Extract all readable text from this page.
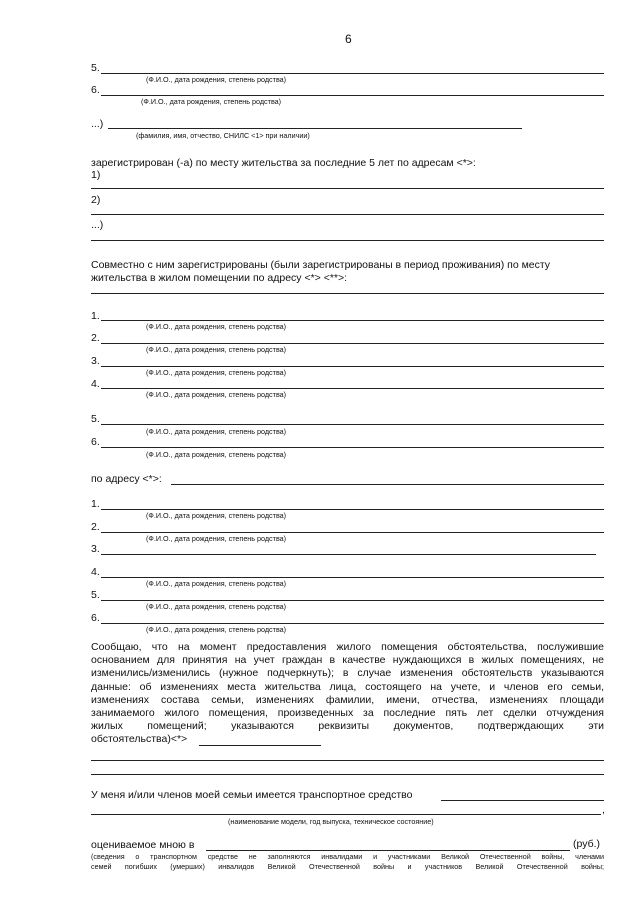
6
5.
(Ф.И.О., дата рождения, степень родства)
6.
(Ф.И.О., дата рождения, степень родства)
...)
(фамилия, имя, отчество, СНИЛС <1> при наличии)
зарегистрирован (-а) по месту жительства за последние 5 лет по адресам <*>:
1)
2)
...)
Совместно с ним зарегистрированы (были зарегистрированы в период проживания) по месту
жительства в жилом помещении по адресу <*> <**>:
1.
(Ф.И.О., дата рождения, степень родства)
2.
(Ф.И.О., дата рождения, степень родства)
3.
(Ф.И.О., дата рождения, степень родства)
4.
(Ф.И.О., дата рождения, степень родства)
5.
(Ф.И.О., дата рождения, степень родства)
6.
(Ф.И.О., дата рождения, степень родства)
по адресу <*>:
1.
(Ф.И.О., дата рождения, степень родства)
2.
(Ф.И.О., дата рождения, степень родства)
3.
4.
(Ф.И.О., дата рождения, степень родства)
5.
(Ф.И.О., дата рождения, степень родства)
6.
(Ф.И.О., дата рождения, степень родства)
Сообщаю, что на момент предоставления жилого помещения обстоятельства, послужившие
основанием для принятия на учет граждан в качестве нуждающихся в жилых помещениях, не
изменились/изменились (нужное подчеркнуть); в случае изменения обстоятельств указываются
данные: об изменениях места жительства лица, состоящего на учете, и членов его семьи,
изменениях состава семьи, изменениях фамилии, имени, отчества, изменениях площади
занимаемого жилого помещения, произведенных за последние пять лет сделки отчуждения
жилых помещений; указываются реквизиты документов, подтверждающих эти
обстоятельства)<*>
У меня и/или членов моей семьи имеется транспортное средство
,
(наименование модели, год выпуска, техническое состояние)
оцениваемое мною в	(руб.)
(сведения о транспортном средстве не заполняются инвалидами и участниками Великой Отечественной войны, членами
семей погибших (умерших) инвалидов Великой Отечественной войны и участников Великой Отечественной войны;
